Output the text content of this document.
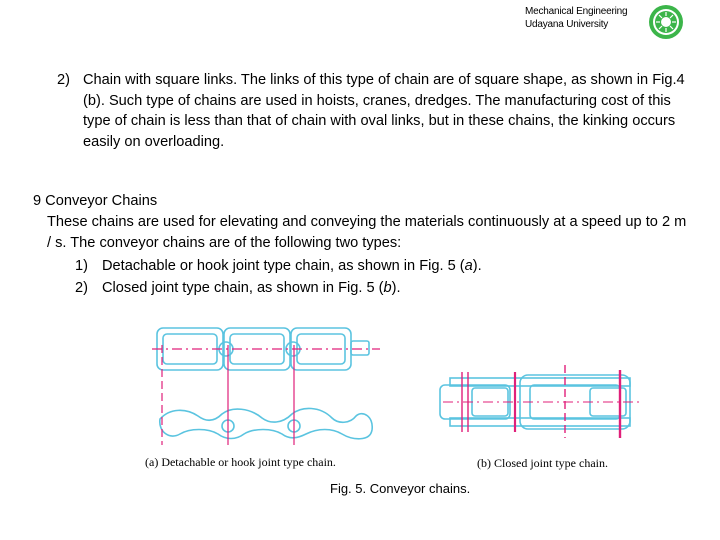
Mechanical Engineering
Udayana University
2) Chain with square links. The links of this type of chain are of square shape, as shown in Fig.4 (b). Such type of chains are used in hoists, cranes, dredges. The manufacturing cost of this type of chain is less than that of chain with oval links, but in these chains, the kinking occurs easily on overloading.
9 Conveyor Chains
These chains are used for elevating and conveying the materials continuously at a speed up to 2 m / s. The conveyor chains are of the following two types:
1) Detachable or hook joint type chain, as shown in Fig. 5 (a).
2) Closed joint type chain, as shown in Fig. 5 (b).
(a) Detachable or hook joint type chain.	(b) Closed joint type chain.
Fig. 5. Conveyor chains.
